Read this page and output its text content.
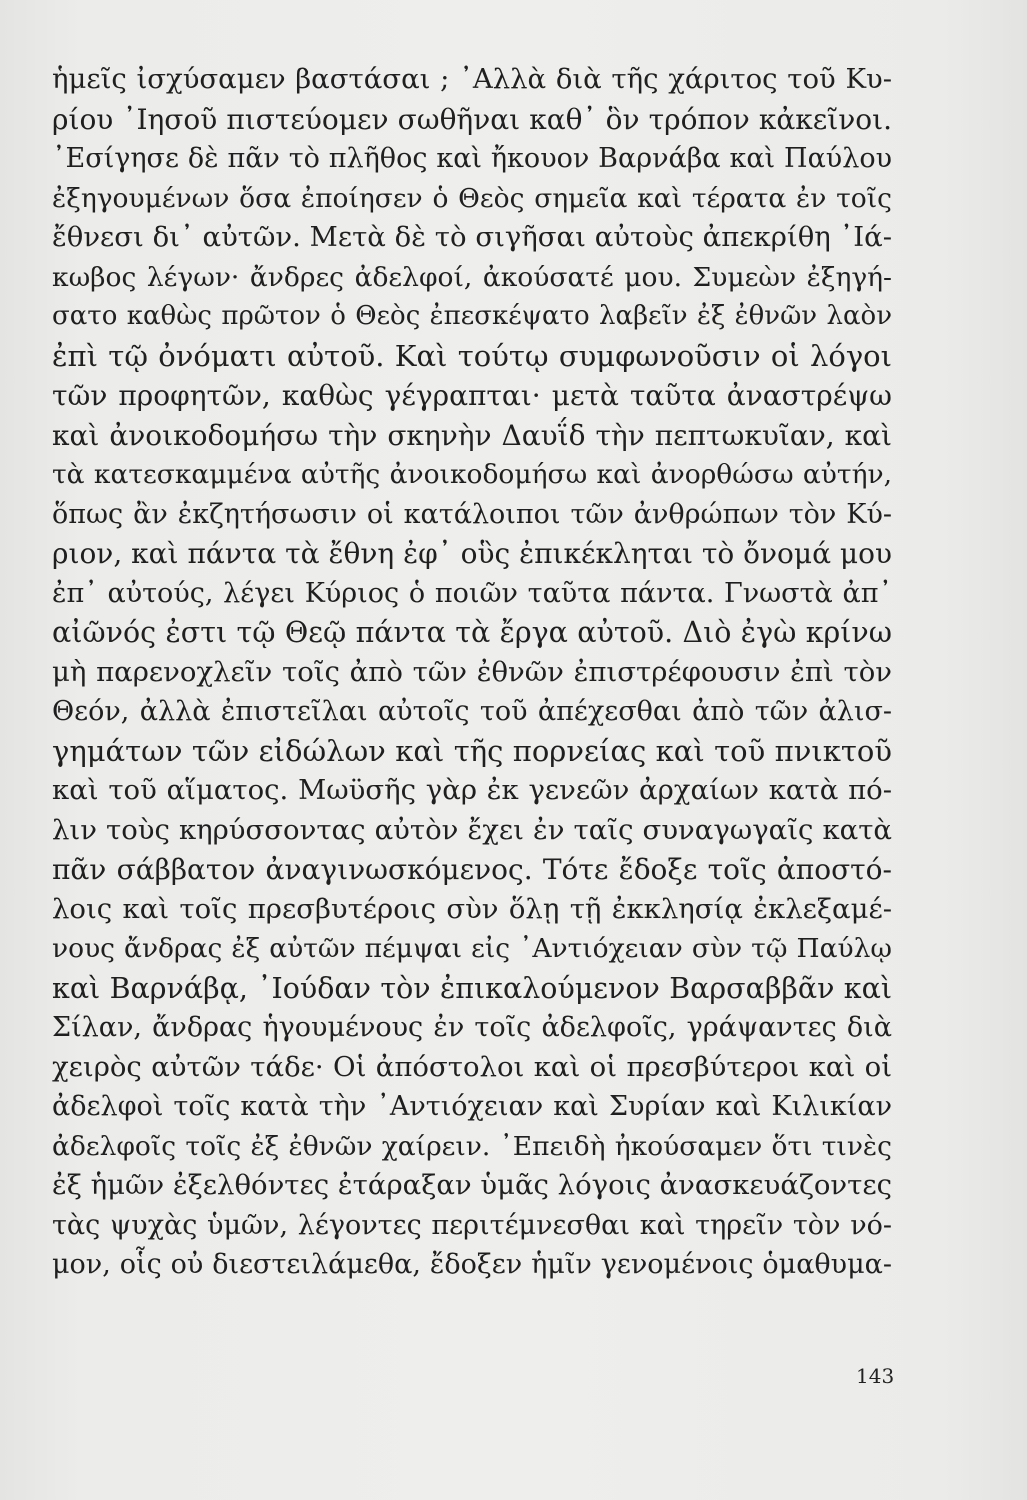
ἡμεῖς ἰσχύσαμεν βαστάσαι ; ᾿Αλλὰ διὰ τῆς χάριτος τοῦ Κυ-
ρίου ᾿Ιησοῦ πιστεύομεν σωθῆναι καθ᾿ ὃν τρόπον κἀκεῖνοι.
᾿Εσίγησε δὲ πᾶν τὸ πλῆθος καὶ ἤκουον Βαρνάβα καὶ Παύλου
ἐξηγουμένων ὅσα ἐποίησεν ὁ Θεὸς σημεῖα καὶ τέρατα ἐν τοῖς
ἔθνεσι δι᾿ αὐτῶν. Μετὰ δὲ τὸ σιγῆσαι αὐτοὺς ἀπεκρίθη ᾿Ιά-
κωβος λέγων· ἄνδρες ἀδελφοί, ἀκούσατέ μου. Συμεὼν ἐξηγή-
σατο καθὼς πρῶτον ὁ Θεὸς ἐπεσκέψατο λαβεῖν ἐξ ἐθνῶν λαὸν
ἐπὶ τῷ ὀνόματι αὐτοῦ. Καὶ τούτῳ συμφωνοῦσιν οἱ λόγοι
τῶν προφητῶν, καθὼς γέγραπται· μετὰ ταῦτα ἀναστρέψω
καὶ ἀνοικοδομήσω τὴν σκηνὴν Δαυΐδ τὴν πεπτωκυῖαν, καὶ
τὰ κατεσκαμμένα αὐτῆς ἀνοικοδομήσω καὶ ἀνορθώσω αὐτήν,
ὅπως ἂν ἐκζητήσωσιν οἱ κατάλοιποι τῶν ἀνθρώπων τὸν Κύ-
ριον, καὶ πάντα τὰ ἔθνη ἐφ᾿ οὓς ἐπικέκληται τὸ ὄνομά μου
ἐπ᾿ αὐτούς, λέγει Κύριος ὁ ποιῶν ταῦτα πάντα. Γνωστὰ ἀπ᾿
αἰῶνός ἐστι τῷ Θεῷ πάντα τὰ ἔργα αὐτοῦ. Διὸ ἐγὼ κρίνω
μὴ παρενοχλεῖν τοῖς ἀπὸ τῶν ἐθνῶν ἐπιστρέφουσιν ἐπὶ τὸν
Θεόν, ἀλλὰ ἐπιστεῖλαι αὐτοῖς τοῦ ἀπέχεσθαι ἀπὸ τῶν ἀλισ-
γημάτων τῶν εἰδώλων καὶ τῆς πορνείας καὶ τοῦ πνικτοῦ
καὶ τοῦ αἵματος. Μωϋσῆς γὰρ ἐκ γενεῶν ἀρχαίων κατὰ πό-
λιν τοὺς κηρύσσοντας αὐτὸν ἔχει ἐν ταῖς συναγωγαῖς κατὰ
πᾶν σάββατον ἀναγινωσκόμενος. Τότε ἔδοξε τοῖς ἀποστό-
λοις καὶ τοῖς πρεσβυτέροις σὺν ὅλῃ τῇ ἐκκλησίᾳ ἐκλεξαμέ-
νους ἄνδρας ἐξ αὐτῶν πέμψαι εἰς ᾿Αντιόχειαν σὺν τῷ Παύλῳ
καὶ Βαρνάβᾳ, ᾿Ιούδαν τὸν ἐπικαλούμενον Βαρσαββᾶν καὶ
Σίλαν, ἄνδρας ἡγουμένους ἐν τοῖς ἀδελφοῖς, γράψαντες διὰ
χειρὸς αὐτῶν τάδε· Οἱ ἀπόστολοι καὶ οἱ πρεσβύτεροι καὶ οἱ
ἀδελφοὶ τοῖς κατὰ τὴν ᾿Αντιόχειαν καὶ Συρίαν καὶ Κιλικίαν
ἀδελφοῖς τοῖς ἐξ ἐθνῶν χαίρειν. ᾿Επειδὴ ἠκούσαμεν ὅτι τινὲς
ἐξ ἡμῶν ἐξελθόντες ἐτάραξαν ὑμᾶς λόγοις ἀνασκευάζοντες
τὰς ψυχὰς ὑμῶν, λέγοντες περιτέμνεσθαι καὶ τηρεῖν τὸν νό-
μον, οἷς οὐ διεστειλάμεθα, ἔδοξεν ἡμῖν γενομένοις ὁμαθυμα-
143
